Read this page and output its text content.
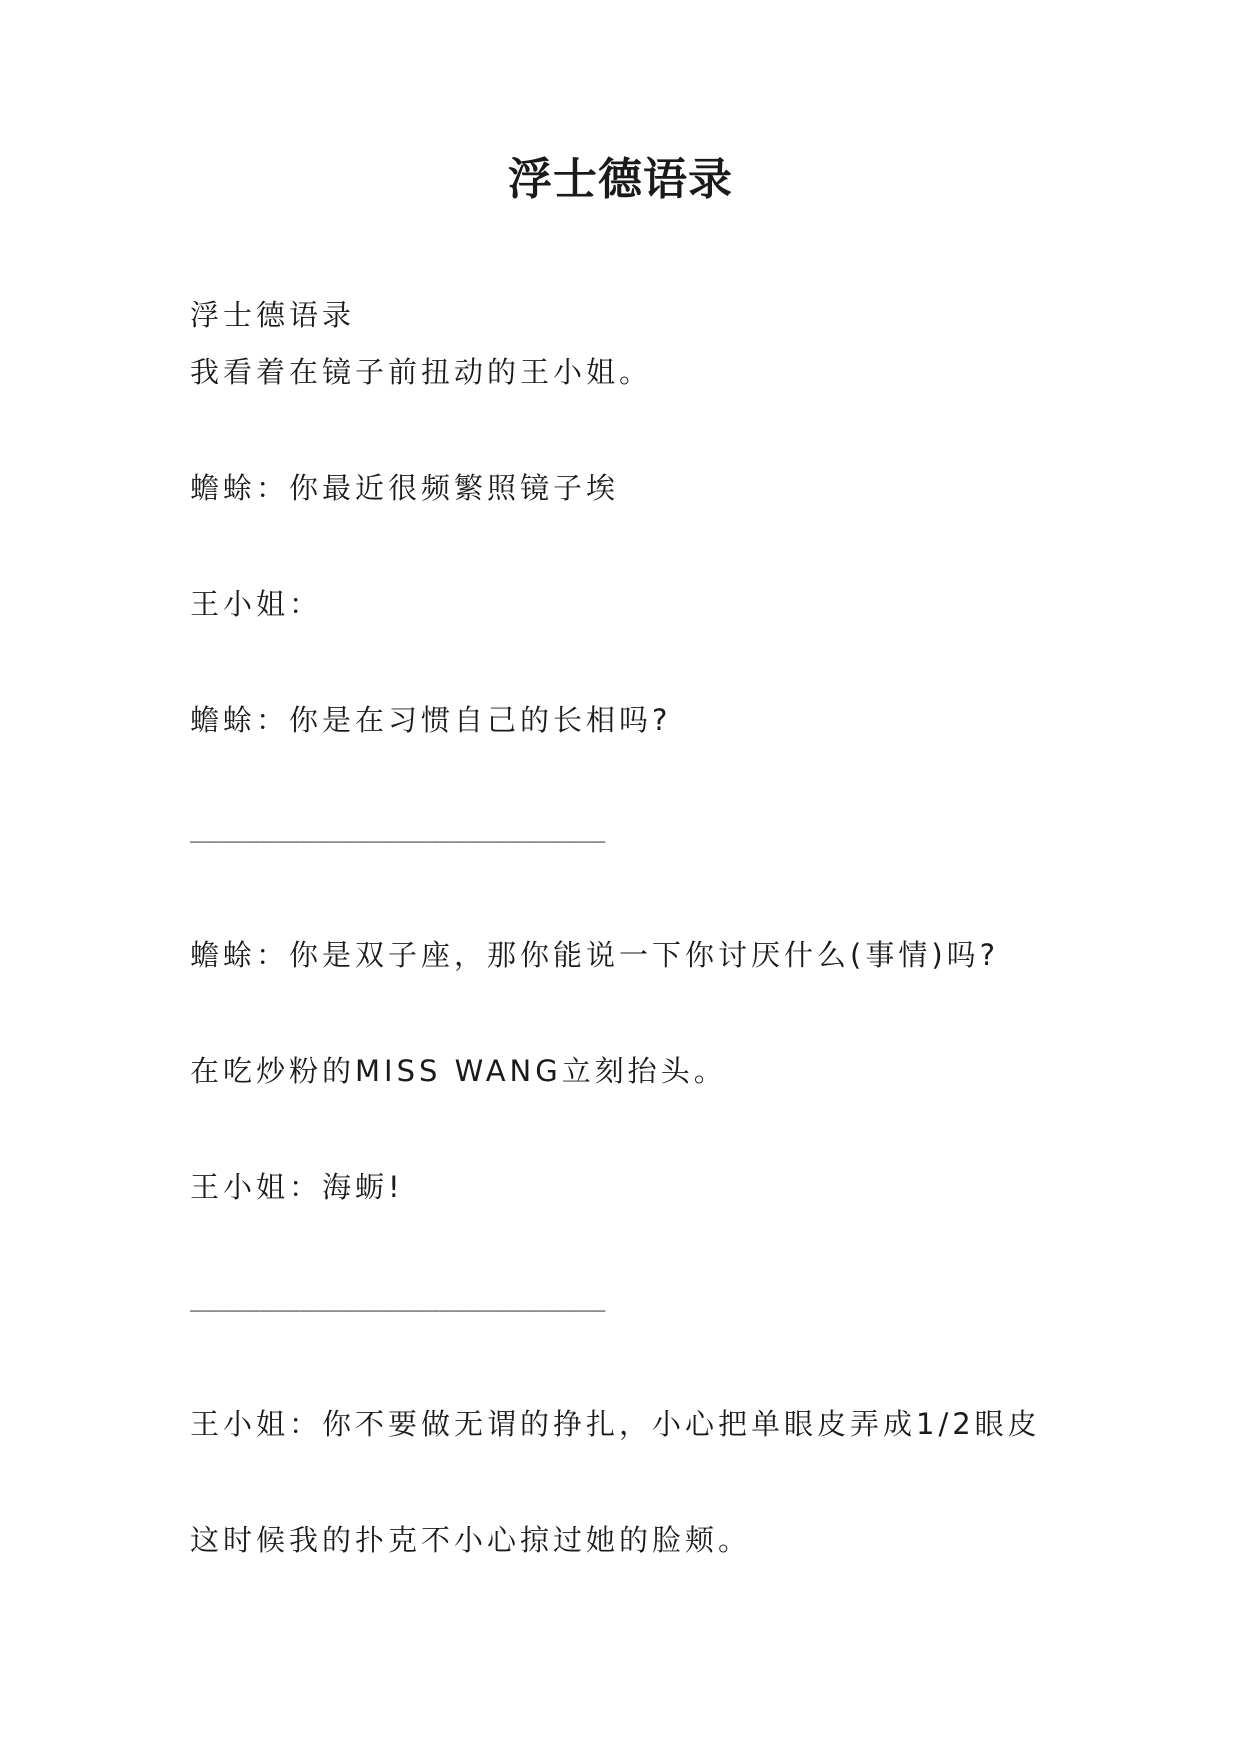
浮士德语录

浮士德语录

我看着在镜子前扭动的王小姐。

蟾蜍：你最近很频繁照镜子埃

王小姐：

蟾蜍：你是在习惯自己的长相吗?

______________________________

蟾蜍：你是双子座，那你能说一下你讨厌什么(事情)吗?

在吃炒粉的MISS WANG立刻抬头。

王小姐：海蛎!

______________________________

王小姐：你不要做无谓的挣扎，小心把单眼皮弄成1/2眼皮

这时候我的扑克不小心掠过她的脸颊。
